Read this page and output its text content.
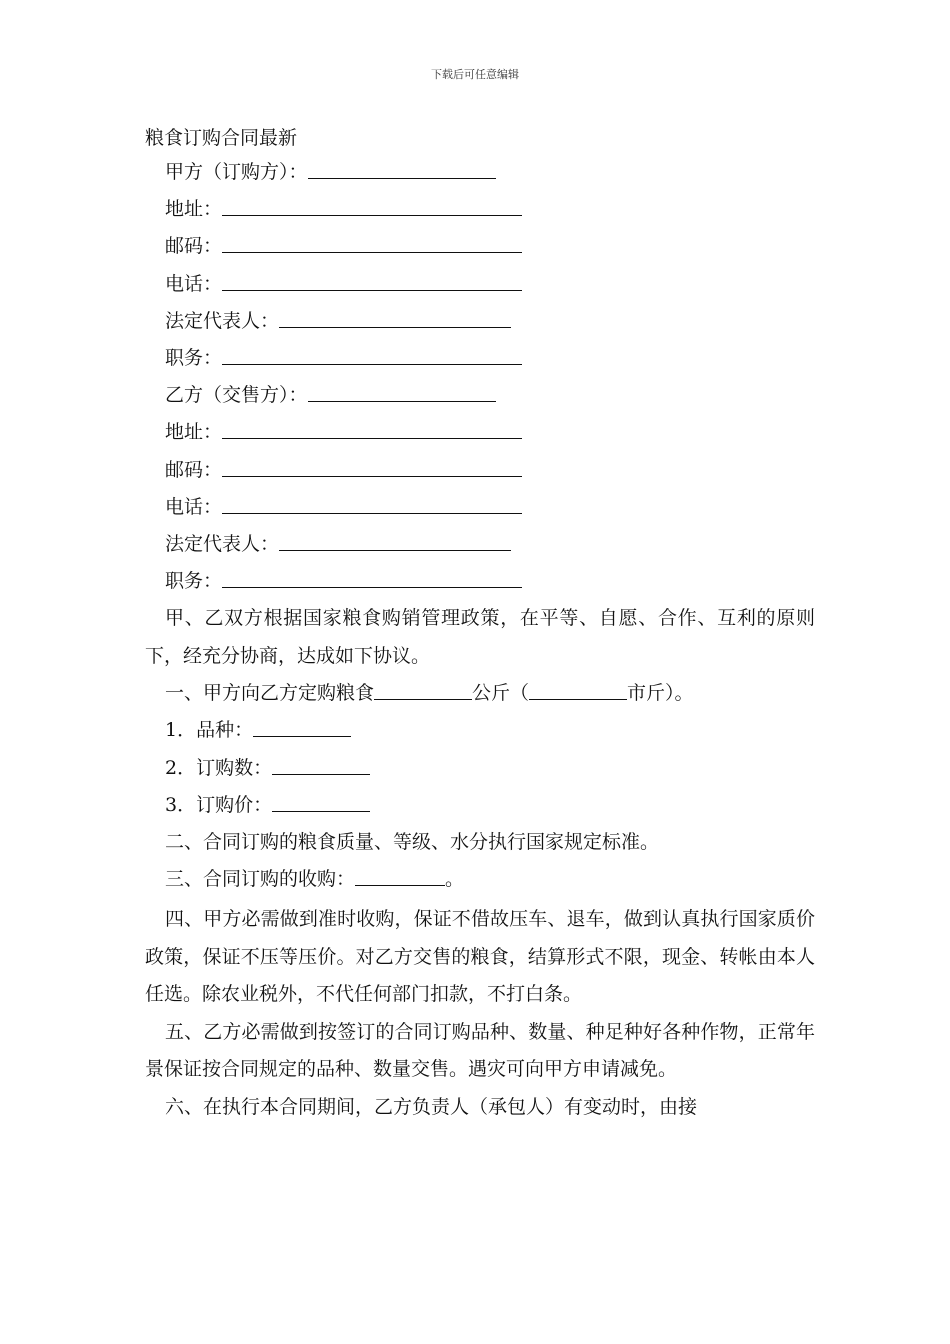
下载后可任意编辑
粮食订购合同最新
甲方（订购方）：
地址：
邮码：
电话：
法定代表人：
职务：
乙方（交售方）：
地址：
邮码：
电话：
法定代表人：
职务：

甲、乙双方根据国家粮食购销管理政策，在平等、自愿、合作、互利的原则下，经充分协商，达成如下协议。

一、甲方向乙方定购粮食	公斤（	市斤）。
1．品种：
2．订购数：
3．订购价：
二、合同订购的粮食质量、等级、水分执行国家规定标准。
三、合同订购的收购：	。

四、甲方必需做到准时收购，保证不借故压车、退车，做到认真执行国家质价政策，保证不压等压价。对乙方交售的粮食，结算形式不限，现金、转帐由本人任选。除农业税外，不代任何部门扣款，不打白条。

五、乙方必需做到按签订的合同订购品种、数量、种足种好各种作物，正常年景保证按合同规定的品种、数量交售。遇灾可向甲方申请减免。

六、在执行本合同期间，乙方负责人（承包人）有变动时，由接
